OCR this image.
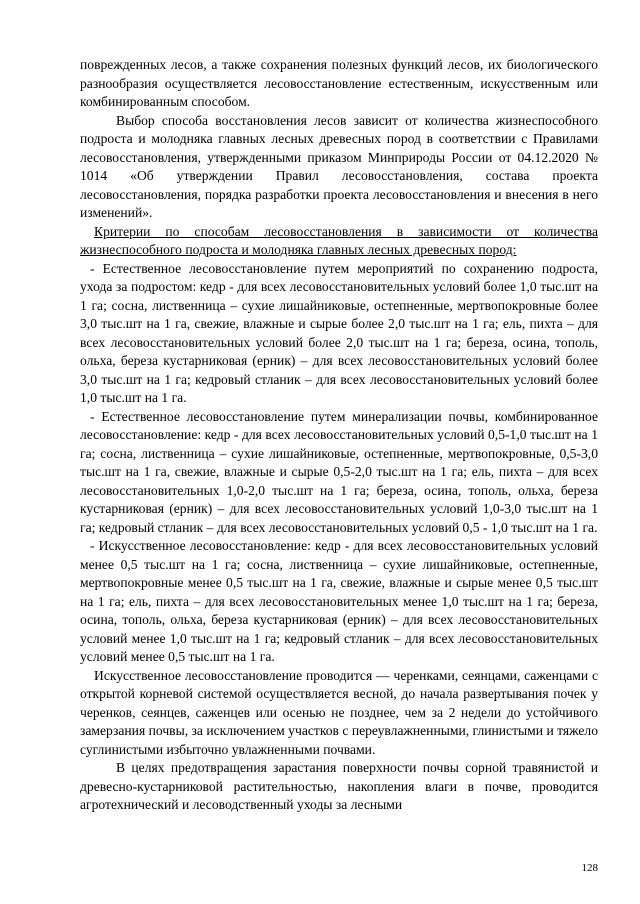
поврежденных лесов, а также сохранения полезных функций лесов, их биологического разнообразия осуществляется лесовосстановление естественным, искусственным или комбинированным способом.

Выбор способа восстановления лесов зависит от количества жизнеспособного подроста и молодняка главных лесных древесных пород в соответствии с Правилами лесовосстановления, утвержденными приказом Минприроды России от 04.12.2020 № 1014 «Об утверждении Правил лесовосстановления, состава проекта лесовосстановления, порядка разработки проекта лесовосстановления и внесения в него изменений».

Критерии по способам лесовосстановления в зависимости от количества жизнеспособного подроста и молодняка главных лесных древесных пород:

- Естественное лесовосстановление путем мероприятий по сохранению подроста, ухода за подростом: кедр - для всех лесовосстановительных условий более 1,0 тыс.шт на 1 га; сосна, лиственница – сухие лишайниковые, остепненные, мертвопокровные более 3,0 тыс.шт на 1 га, свежие, влажные и сырые более 2,0 тыс.шт на 1 га; ель, пихта – для всех лесовосстановительных условий более 2,0 тыс.шт на 1 га; береза, осина, тополь, ольха, береза кустарниковая (ерник) – для всех лесовосстановительных условий более 3,0 тыс.шт на 1 га; кедровый стланик – для всех лесовосстановительных условий более 1,0 тыс.шт на 1 га.

- Естественное лесовосстановление путем минерализации почвы, комбинированное лесовосстановление: кедр - для всех лесовосстановительных условий 0,5-1,0 тыс.шт на 1 га; сосна, лиственница – сухие лишайниковые, остепненные, мертвопокровные, 0,5-3,0 тыс.шт на 1 га, свежие, влажные и сырые 0,5-2,0 тыс.шт на 1 га; ель, пихта – для всех лесовосстановительных 1,0-2,0 тыс.шт на 1 га; береза, осина, тополь, ольха, береза кустарниковая (ерник) – для всех лесовосстановительных условий 1,0-3,0 тыс.шт на 1 га; кедровый стланик – для всех лесовосстановительных условий 0,5 - 1,0 тыс.шт на 1 га.

- Искусственное лесовосстановление: кедр - для всех лесовосстановительных условий менее 0,5 тыс.шт на 1 га; сосна, лиственница – сухие лишайниковые, остепненные, мертвопокровные менее 0,5 тыс.шт на 1 га, свежие, влажные и сырые менее 0,5 тыс.шт на 1 га; ель, пихта – для всех лесовосстановительных менее 1,0 тыс.шт на 1 га; береза, осина, тополь, ольха, береза кустарниковая (ерник) – для всех лесовосстановительных условий менее 1,0 тыс.шт на 1 га; кедровый стланик – для всех лесовосстановительных условий менее 0,5 тыс.шт на 1 га.

Искусственное лесовосстановление проводится — черенками, сеянцами, саженцами с открытой корневой системой осуществляется весной, до начала развертывания почек у черенков, сеянцев, саженцев или осенью не позднее, чем за 2 недели до устойчивого замерзания почвы, за исключением участков с переувлажненными, глинистыми и тяжело суглинистыми избыточно увлажненными почвами.

В целях предотвращения зарастания поверхности почвы сорной травянистой и древесно-кустарниковой растительностью, накопления влаги в почве, проводится агротехнический и лесоводственный уходы за лесными

128
